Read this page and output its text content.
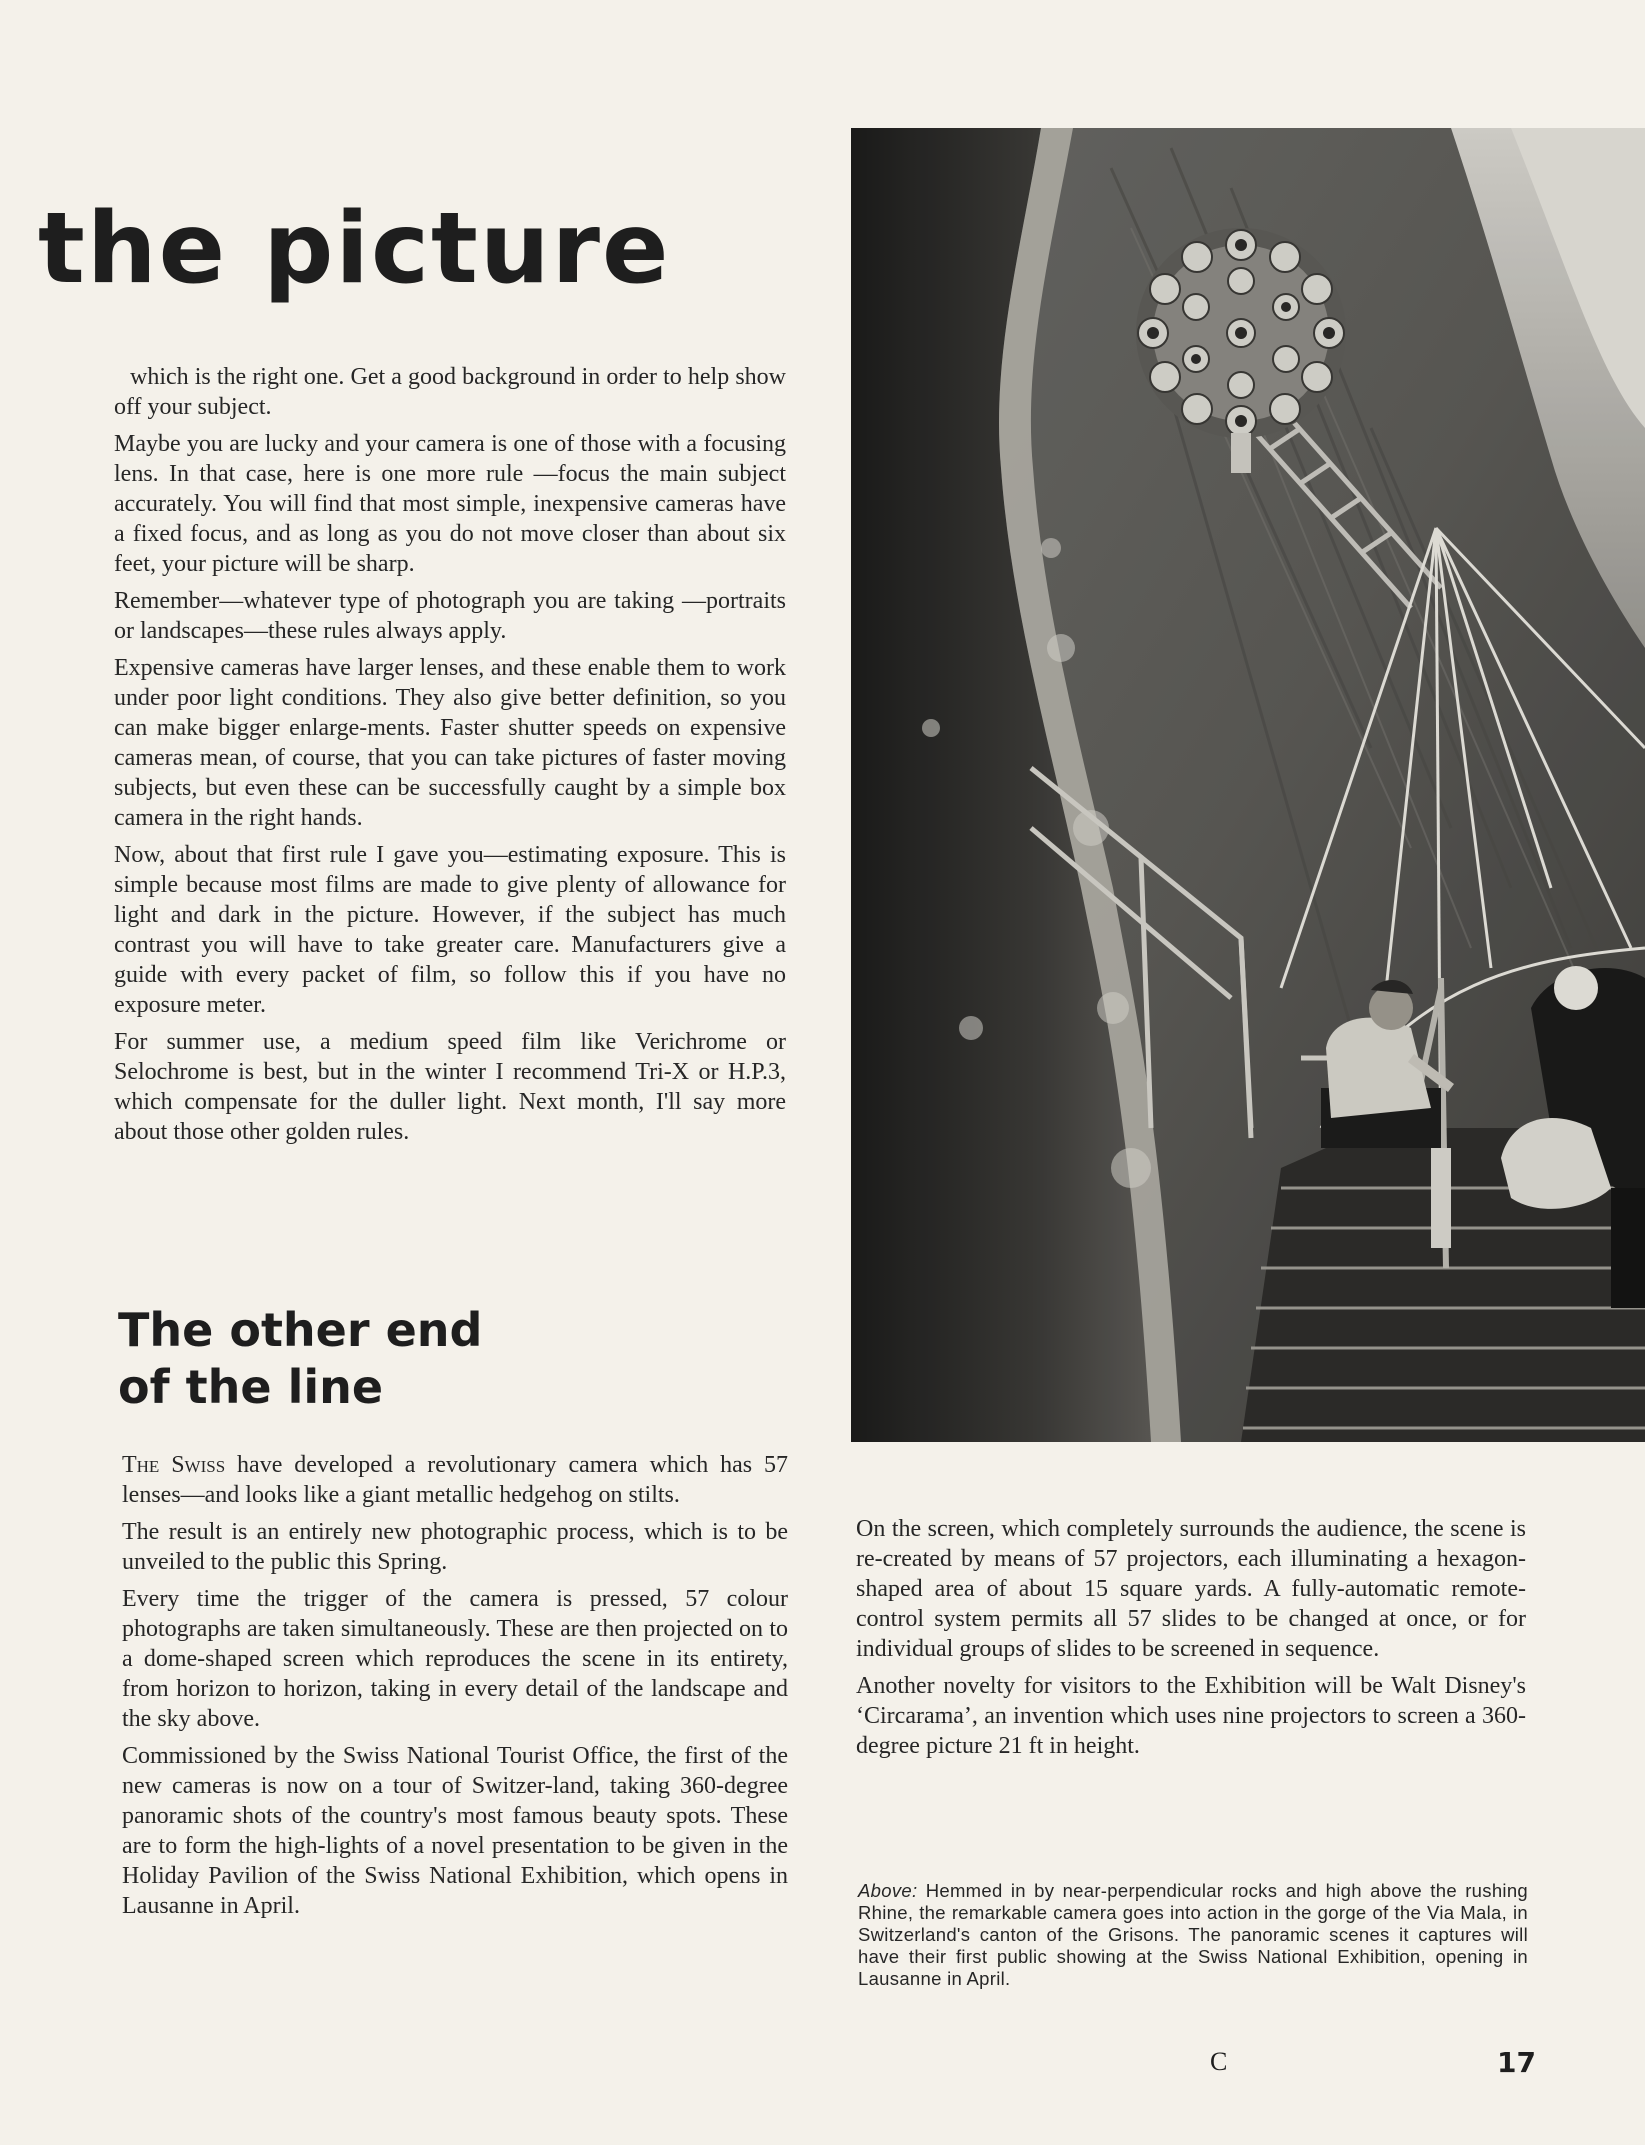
the picture

which is the right one. Get a good background in order to help show off your subject.

Maybe you are lucky and your camera is one of those with a focusing lens. In that case, here is one more rule —focus the main subject accurately. You will find that most simple, inexpensive cameras have a fixed focus, and as long as you do not move closer than about six feet, your picture will be sharp.

Remember—whatever type of photograph you are taking —portraits or landscapes—these rules always apply.

Expensive cameras have larger lenses, and these enable them to work under poor light conditions. They also give better definition, so you can make bigger enlarge-ments. Faster shutter speeds on expensive cameras mean, of course, that you can take pictures of faster moving subjects, but even these can be successfully caught by a simple box camera in the right hands.

Now, about that first rule I gave you—estimating exposure. This is simple because most films are made to give plenty of allowance for light and dark in the picture. However, if the subject has much contrast you will have to take greater care. Manufacturers give a guide with every packet of film, so follow this if you have no exposure meter.

For summer use, a medium speed film like Verichrome or Selochrome is best, but in the winter I recommend Tri-X or H.P.3, which compensate for the duller light. Next month, I'll say more about those other golden rules.

The other end
of the line

The Swiss have developed a revolutionary camera which has 57 lenses—and looks like a giant metallic hedgehog on stilts.

The result is an entirely new photographic process, which is to be unveiled to the public this Spring.

Every time the trigger of the camera is pressed, 57 colour photographs are taken simultaneously. These are then projected on to a dome-shaped screen which reproduces the scene in its entirety, from horizon to horizon, taking in every detail of the landscape and the sky above.

Commissioned by the Swiss National Tourist Office, the first of the new cameras is now on a tour of Switzer-land, taking 360-degree panoramic shots of the country's most famous beauty spots. These are to form the high-lights of a novel presentation to be given in the Holiday Pavilion of the Swiss National Exhibition, which opens in Lausanne in April.

On the screen, which completely surrounds the audience, the scene is re-created by means of 57 projectors, each illuminating a hexagon-shaped area of about 15 square yards. A fully-automatic remote-control system permits all 57 slides to be changed at once, or for individual groups of slides to be screened in sequence.

Another novelty for visitors to the Exhibition will be Walt Disney's ‘Circarama’, an invention which uses nine projectors to screen a 360-degree picture 21 ft in height.

Above: Hemmed in by near-perpendicular rocks and high above the rushing Rhine, the remarkable camera goes into action in the gorge of the Via Mala, in Switzerland's canton of the Grisons. The panoramic scenes it captures will have their first public showing at the Swiss National Exhibition, opening in Lausanne in April.
C	17
